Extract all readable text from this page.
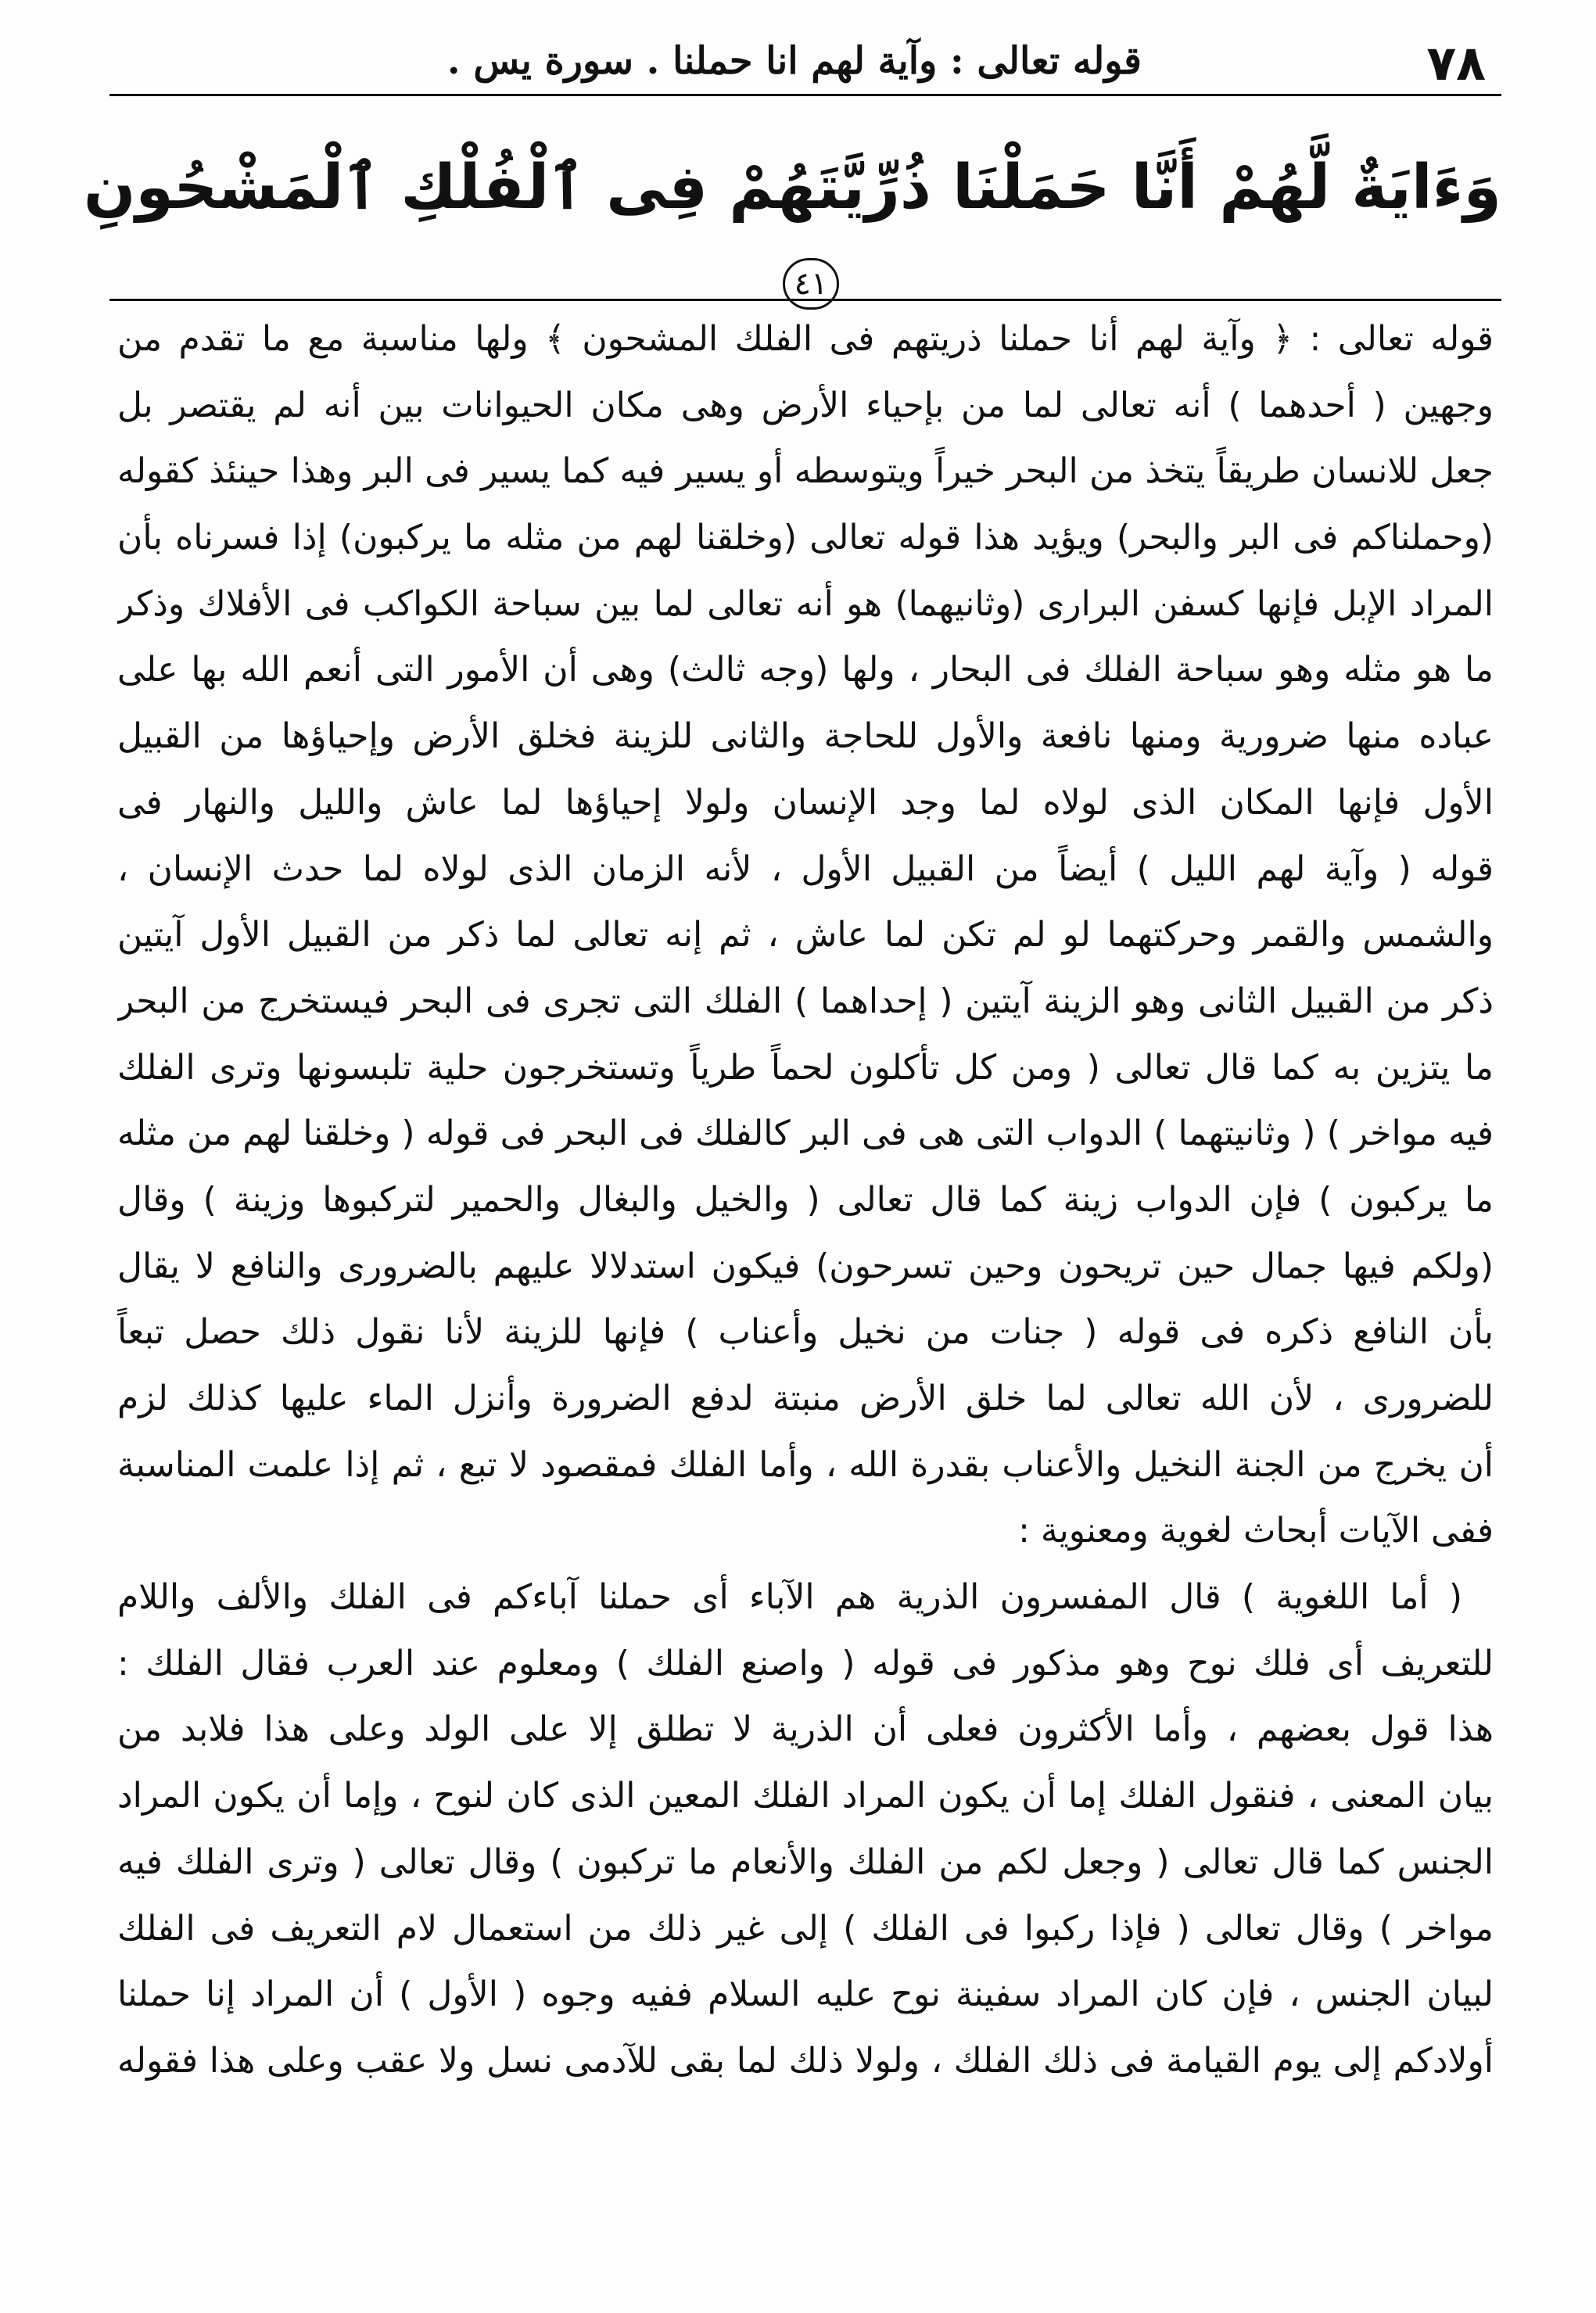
٧٨
قوله تعالى : وآية لهم انا حملنا . سورة يس .
وَءَايَةٌ لَّهُمْ أَنَّا حَمَلْنَا ذُرِّيَّتَهُمْ فِى ٱلْفُلْكِ ٱلْمَشْحُونِ ٤١
قوله تعالى : ﴿ وآية لهم أنا حملنا ذريتهم فى الفلك المشحون ﴾ ولها مناسبة مع ما تقدم من
وجهين ( أحدهما ) أنه تعالى لما من بإحياء الأرض وهى مكان الحيوانات بين أنه لم يقتصر بل
جعل للانسان طريقاً يتخذ من البحر خيراً ويتوسطه أو يسير فيه كما يسير فى البر وهذا حينئذ كقوله
(وحملناكم فى البر والبحر) ويؤيد هذا قوله تعالى (وخلقنا لهم من مثله ما يركبون) إذا فسرناه بأن
المراد الإبل فإنها كسفن البرارى (وثانيهما) هو أنه تعالى لما بين سباحة الكواكب فى الأفلاك وذكر
ما هو مثله وهو سباحة الفلك فى البحار ، ولها (وجه ثالث) وهى أن الأمور التى أنعم الله بها على
عباده منها ضرورية ومنها نافعة والأول للحاجة والثانى للزينة فخلق الأرض وإحياؤها من القبيل
الأول فإنها المكان الذى لولاه لما وجد الإنسان ولولا إحياؤها لما عاش والليل والنهار فى
قوله ( وآية لهم الليل ) أيضاً من القبيل الأول ، لأنه الزمان الذى لولاه لما حدث الإنسان ،
والشمس والقمر وحركتهما لو لم تكن لما عاش ، ثم إنه تعالى لما ذكر من القبيل الأول آيتين
ذكر من القبيل الثانى وهو الزينة آيتين ( إحداهما ) الفلك التى تجرى فى البحر فيستخرج من البحر
ما يتزين به كما قال تعالى ( ومن كل تأكلون لحماً طرياً وتستخرجون حلية تلبسونها وترى الفلك
فيه مواخر ) ( وثانيتهما ) الدواب التى هى فى البر كالفلك فى البحر فى قوله ( وخلقنا لهم من مثله
ما يركبون ) فإن الدواب زينة كما قال تعالى ( والخيل والبغال والحمير لتركبوها وزينة ) وقال
(ولكم فيها جمال حين تريحون وحين تسرحون) فيكون استدلالا عليهم بالضرورى والنافع لا يقال
بأن النافع ذكره فى قوله ( جنات من نخيل وأعناب ) فإنها للزينة لأنا نقول ذلك حصل تبعاً
للضرورى ، لأن الله تعالى لما خلق الأرض منبتة لدفع الضرورة وأنزل الماء عليها كذلك لزم
أن يخرج من الجنة النخيل والأعناب بقدرة الله ، وأما الفلك فمقصود لا تبع ، ثم إذا علمت المناسبة
ففى الآيات أبحاث لغوية ومعنوية :
( أما اللغوية ) قال المفسرون الذرية هم الآباء أى حملنا آباءكم فى الفلك والألف واللام
للتعريف أى فلك نوح وهو مذكور فى قوله ( واصنع الفلك ) ومعلوم عند العرب فقال الفلك :
هذا قول بعضهم ، وأما الأكثرون فعلى أن الذرية لا تطلق إلا على الولد وعلى هذا فلابد من
بيان المعنى ، فنقول الفلك إما أن يكون المراد الفلك المعين الذى كان لنوح ، وإما أن يكون المراد
الجنس كما قال تعالى ( وجعل لكم من الفلك والأنعام ما تركبون ) وقال تعالى ( وترى الفلك فيه
مواخر ) وقال تعالى ( فإذا ركبوا فى الفلك ) إلى غير ذلك من استعمال لام التعريف فى الفلك
لبيان الجنس ، فإن كان المراد سفينة نوح عليه السلام ففيه وجوه ( الأول ) أن المراد إنا حملنا
أولادكم إلى يوم القيامة فى ذلك الفلك ، ولولا ذلك لما بقى للآدمى نسل ولا عقب وعلى هذا فقوله
